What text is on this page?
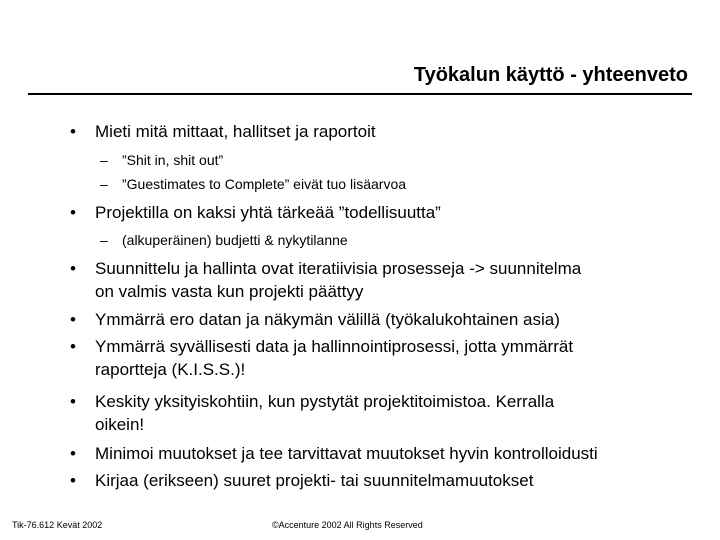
Työkalun käyttö - yhteenveto
• Mieti mitä mittaat, hallitset ja raportoit
– ”Shit in, shit out”
– ”Guestimates to Complete” eivät tuo lisäarvoa
• Projektilla on kaksi yhtä tärkeää ”todellisuutta”
– (alkuperäinen) budjetti & nykytilanne
• Suunnittelu ja hallinta ovat iteratiivisia prosesseja -> suunnitelma
on valmis vasta kun projekti päättyy
• Ymmärrä ero datan ja näkymän välillä (työkalukohtainen asia)
• Ymmärrä syvällisesti data ja hallinnointiprosessi, jotta ymmärrät
raportteja (K.I.S.S.)!
• Keskity yksityiskohtiin, kun pystytät projektitoimistoa. Kerralla
oikein!
• Minimoi muutokset ja tee tarvittavat muutokset hyvin kontrolloidusti
• Kirjaa (erikseen) suuret projekti- tai suunnitelmamuutokset
Tik-76.612 Kevät 2002	©Accenture 2002 All Rights Reserved
